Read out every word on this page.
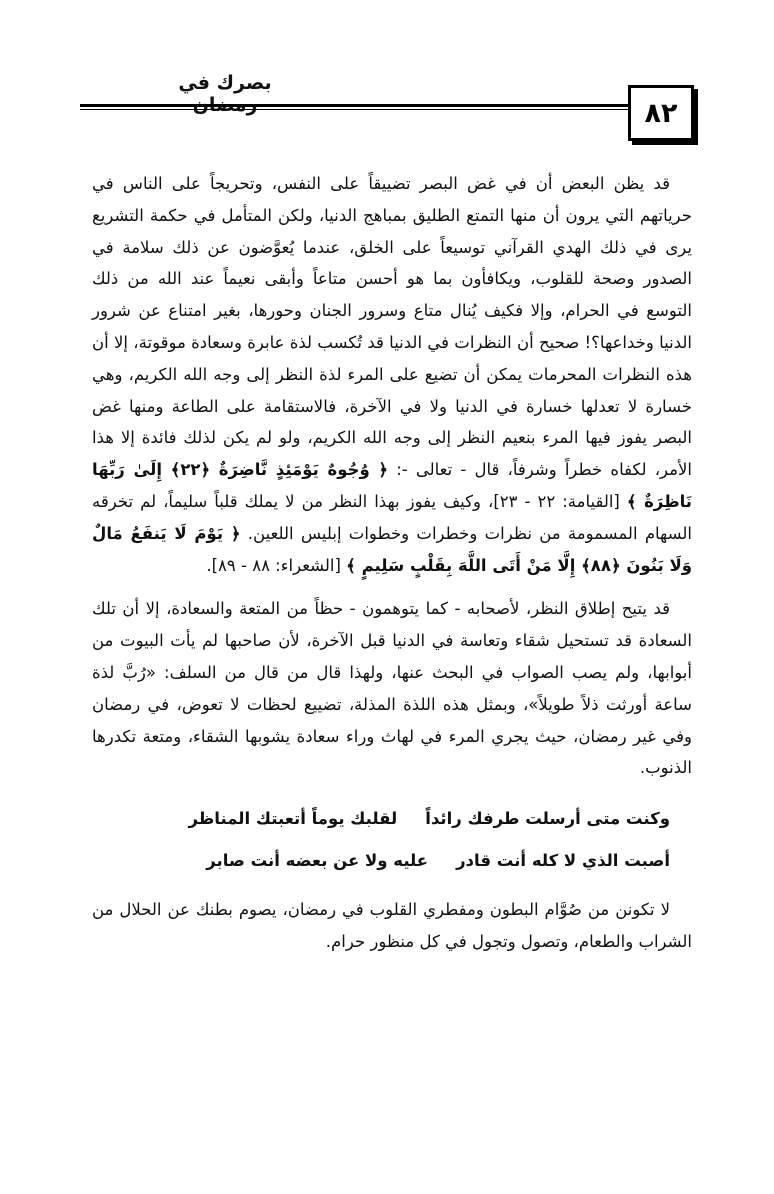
بصرك في رمضان	٨٢

قد يظن البعض أن في غض البصر تضييقاً على النفس، وتحريجاً على الناس في حرياتهم التي يرون أن منها التمتع الطليق بمباهج الدنيا، ولكن المتأمل في حكمة التشريع يرى في ذلك الهدي القرآني توسيعاً على الخلق، عندما يُعوَّضون عن ذلك سلامة في الصدور وصحة للقلوب، ويكافأون بما هو أحسن متاعاً وأبقى نعيماً عند الله من ذلك التوسع في الحرام، وإلا فكيف يُنال متاع وسرور الجنان وحورها، بغير امتناع عن شرور الدنيا وخداعها؟! صحيح أن النظرات في الدنيا قد تُكسب لذة عابرة وسعادة موقوتة، إلا أن هذه النظرات المحرمات يمكن أن تضيع على المرء لذة النظر إلى وجه الله الكريم، وهي خسارة لا تعدلها خسارة في الدنيا ولا في الآخرة، فالاستقامة على الطاعة ومنها غض البصر يفوز فيها المرء بنعيم النظر إلى وجه الله الكريم، ولو لم يكن لذلك فائدة إلا هذا الأمر، لكفاه خطراً وشرفاً، قال - تعالى -: ﴿ وُجُوهٌ يَوْمَئِذٍ نَّاضِرَةٌ ﴿٢٢﴾ إِلَىٰ رَبِّهَا نَاظِرَةٌ ﴾ [القيامة: ٢٢ - ٢٣]، وكيف يفوز بهذا النظر من لا يملك قلباً سليماً، لم تخرقه السهام المسمومة من نظرات وخطرات وخطوات إبليس اللعين. ﴿ يَوْمَ لَا يَنفَعُ مَالٌ وَلَا بَنُونَ ﴿٨٨﴾ إِلَّا مَنْ أَتَى اللَّهَ بِقَلْبٍ سَلِيمٍ ﴾ [الشعراء: ٨٨ - ٨٩].

قد يتيح إطلاق النظر، لأصحابه - كما يتوهمون - حظاً من المتعة والسعادة، إلا أن تلك السعادة قد تستحيل شقاء وتعاسة في الدنيا قبل الآخرة، لأن صاحبها لم يأت البيوت من أبوابها، ولم يصب الصواب في البحث عنها، ولهذا قال من قال من السلف: «رُبَّ لذة ساعة أورثت ذلاً طويلاً»، وبمثل هذه اللذة المذلة، تضييع لحظات لا تعوض، في رمضان وفي غير رمضان، حيث يجري المرء في لهاث وراء سعادة يشوبها الشقاء، ومتعة تكدرها الذنوب.

وكنت متى أرسلت طرفك رائداً
لقلبك يوماً أتعبتك المناظر
أصبت الذي لا كله أنت قادر
عليه ولا عن بعضه أنت صابر

لا تكونن من صُوَّام البطون ومفطري القلوب في رمضان، يصوم بطنك عن الحلال من الشراب والطعام، وتصول وتجول في كل منظور حرام.
